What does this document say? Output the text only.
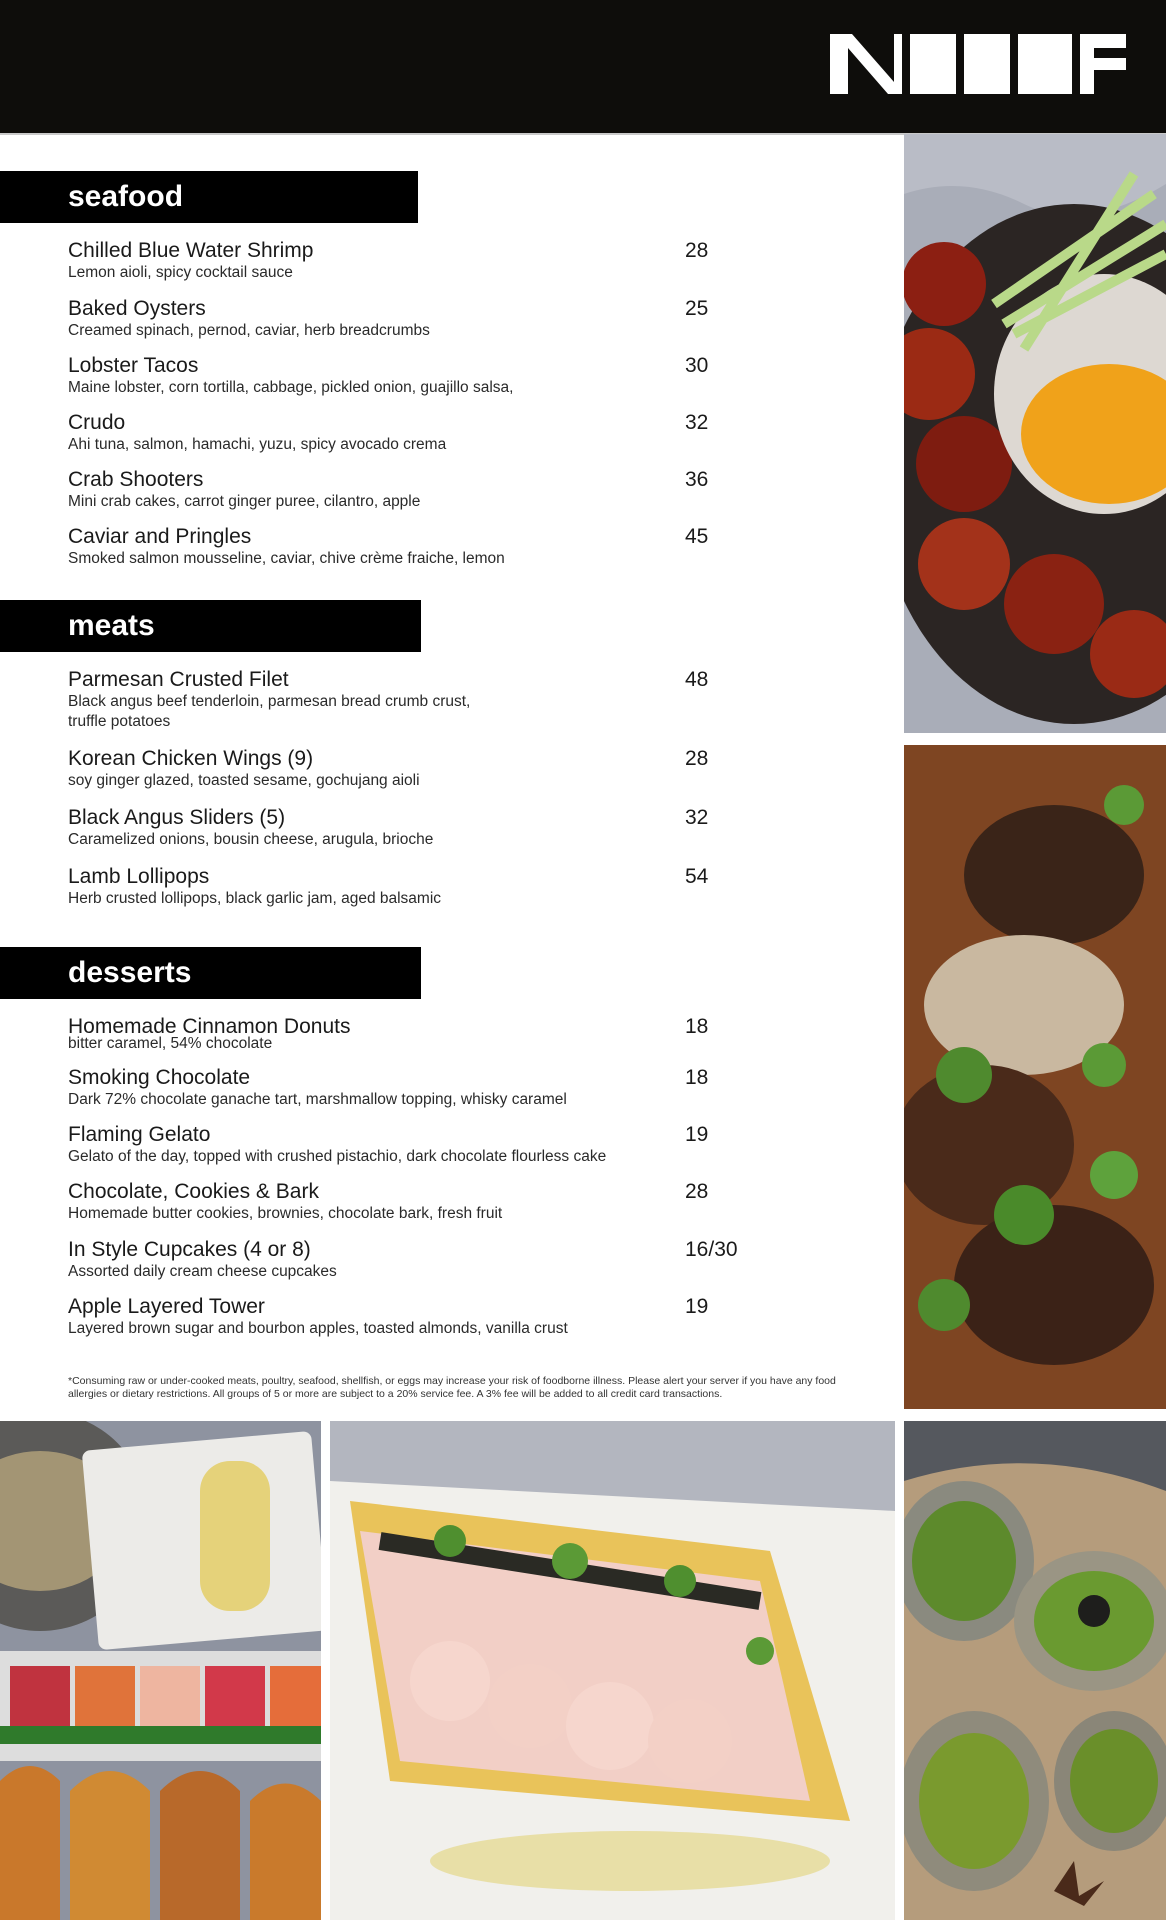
seafood
Chilled Blue Water Shrimp
Lemon aioli, spicy cocktail sauce
28
Baked Oysters
Creamed spinach, pernod, caviar, herb breadcrumbs
25
Lobster Tacos
Maine lobster, corn tortilla, cabbage, pickled onion, guajillo salsa,
30
Crudo
Ahi tuna, salmon, hamachi, yuzu, spicy avocado crema
32
Crab Shooters
Mini crab cakes, carrot ginger puree, cilantro, apple
36
Caviar and Pringles
Smoked salmon mousseline, caviar, chive crème fraiche, lemon
45
meats
Parmesan Crusted Filet
Black angus beef tenderloin, parmesan bread crumb crust,
truffle potatoes
48
Korean Chicken Wings (9)
soy ginger glazed, toasted sesame, gochujang aioli
28
Black Angus Sliders (5)
Caramelized onions, bousin cheese, arugula, brioche
32
Lamb Lollipops
Herb crusted lollipops, black garlic jam, aged balsamic
54
desserts
Homemade Cinnamon Donuts
bitter caramel, 54% chocolate
18
Smoking Chocolate
Dark 72% chocolate ganache tart, marshmallow topping, whisky caramel
18
Flaming Gelato
Gelato of the day, topped with crushed pistachio, dark chocolate flourless cake
19
Chocolate, Cookies & Bark
Homemade butter cookies, brownies, chocolate bark, fresh fruit
28
In Style Cupcakes (4 or 8)
Assorted daily cream cheese cupcakes
16/30
Apple Layered Tower
Layered brown sugar and bourbon apples, toasted almonds, vanilla crust
19
*Consuming raw or under-cooked meats, poultry, seafood, shellfish, or eggs may increase your risk of foodborne illness. Please alert your server if you have any food allergies or dietary restrictions. All groups of 5 or more are subject to a 20% service fee. A 3% fee will be added to all credit card transactions.
